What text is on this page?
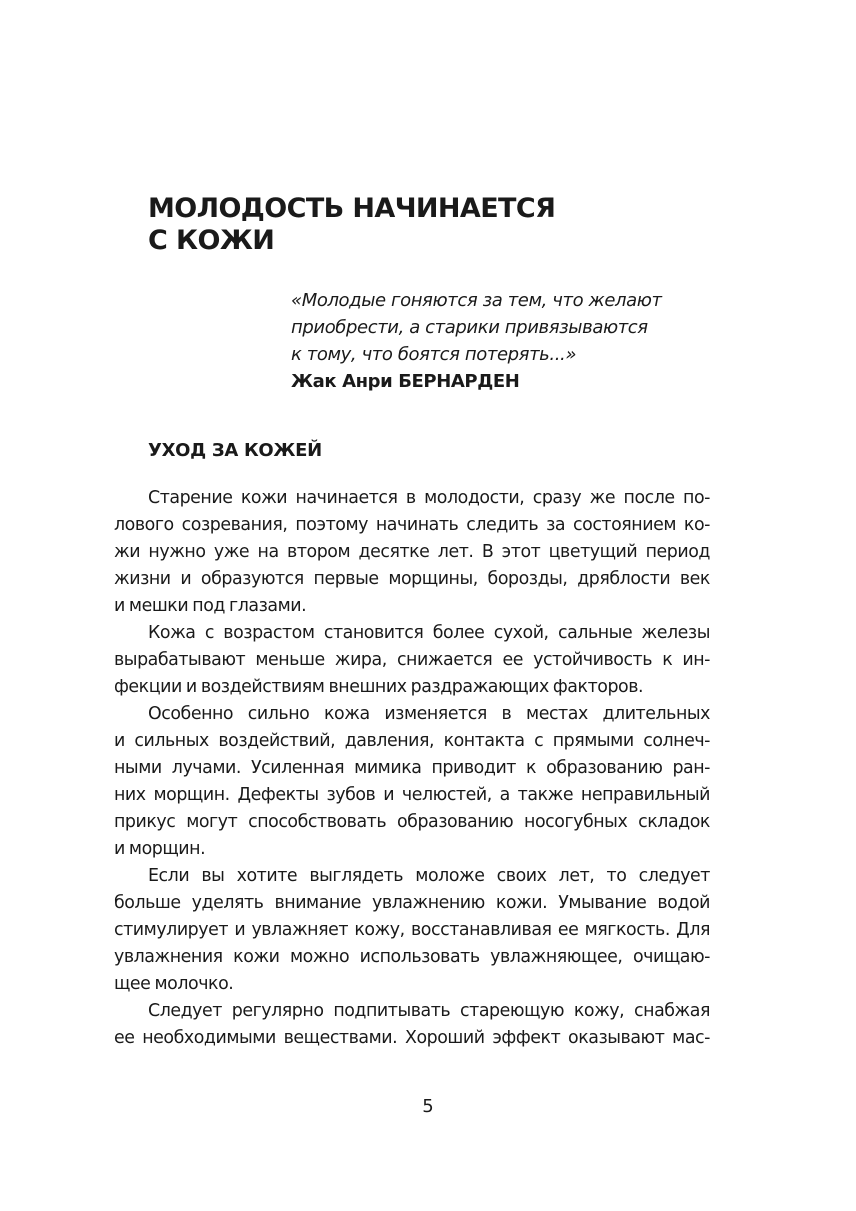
МОЛОДОСТЬ НАЧИНАЕТСЯ
С КОЖИ
«Молодые гоняются за тем, что желают
приобрести, а старики привязываются
к тому, что боятся потерять...»
Жак Анри БЕРНАРДЕН
УХОД ЗА КОЖЕЙ
Старение кожи начинается в молодости, сразу же после по-
лового созревания, поэтому начинать следить за состоянием ко-
жи нужно уже на втором десятке лет. В этот цветущий период
жизни и образуются первые морщины, борозды, дряблости век
и мешки под глазами.
Кожа с возрастом становится более сухой, сальные железы
вырабатывают меньше жира, снижается ее устойчивость к ин-
фекции и воздействиям внешних раздражающих факторов.
Особенно сильно кожа изменяется в местах длительных
и сильных воздействий, давления, контакта с прямыми солнеч-
ными лучами. Усиленная мимика приводит к образованию ран-
них морщин. Дефекты зубов и челюстей, а также неправильный
прикус могут способствовать образованию носогубных складок
и морщин.
Если вы хотите выглядеть моложе своих лет, то следует
больше уделять внимание увлажнению кожи. Умывание водой
стимулирует и увлажняет кожу, восстанавливая ее мягкость. Для
увлажнения кожи можно использовать увлажняющее, очищаю-
щее молочко.
Следует регулярно подпитывать стареющую кожу, снабжая
ее необходимыми веществами. Хороший эффект оказывают мас-
5
